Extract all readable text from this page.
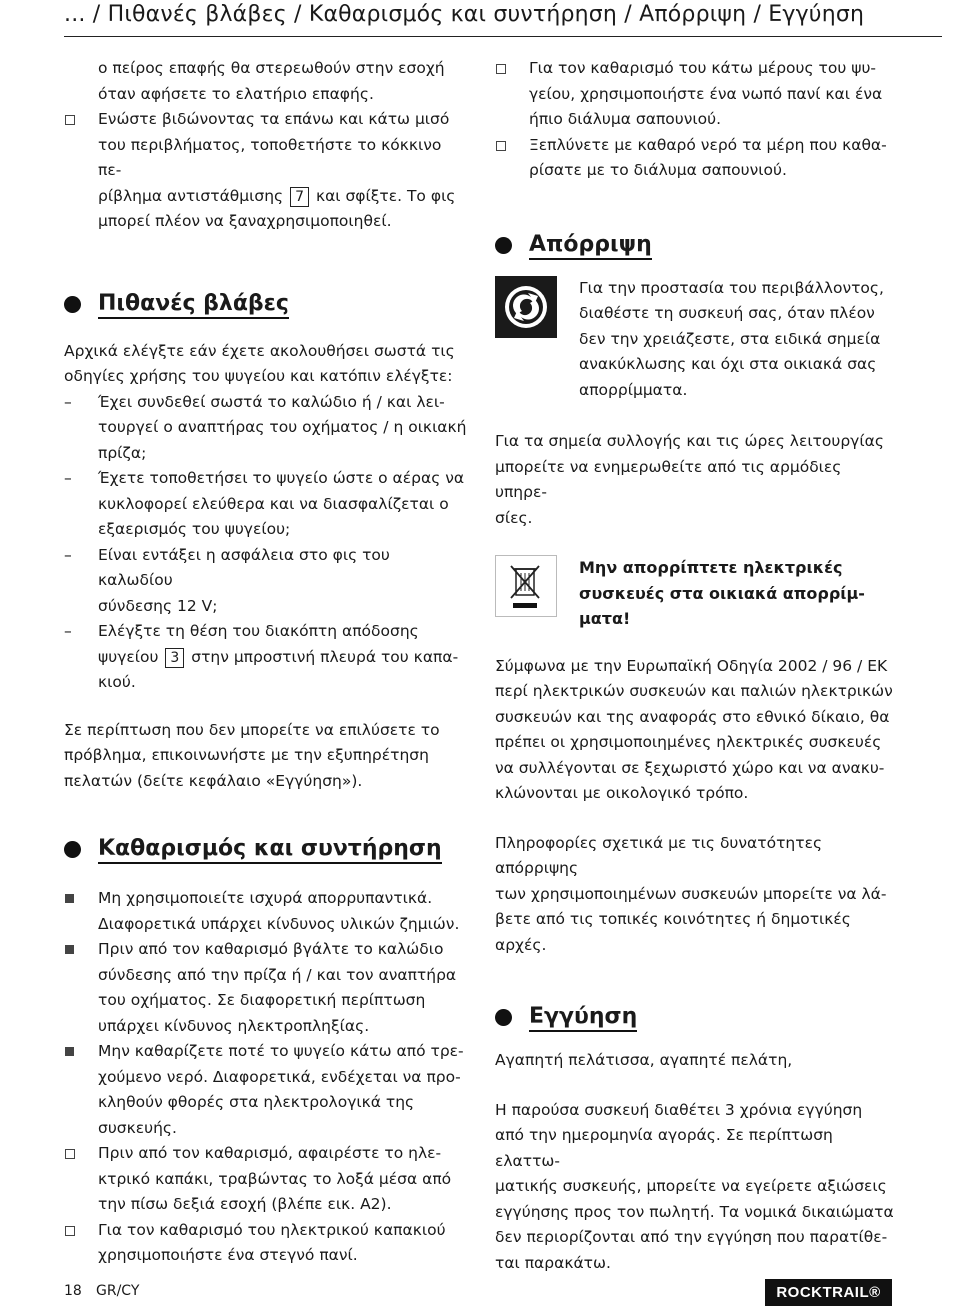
... / Πιθανές βλάβες / Καθαρισμός και συντήρηση / Απόρριψη / Εγγύηση
ο πείρος επαφής θα στερεωθούν στην εσοχή
όταν αφήσετε το ελατήριο επαφής.
Ενώστε βιδώνοντας τα επάνω και κάτω μισό
του περιβλήματος, τοποθετήστε το κόκκινο πε-
ρίβλημα αντιστάθμισης 7 και σφίξτε. Το φις
μπορεί πλέον να ξαναχρησιμοποιηθεί.
Πιθανές βλάβες
Αρχικά ελέγξτε εάν έχετε ακολουθήσει σωστά τις
οδηγίες χρήσης του ψυγείου και κατόπιν ελέγξτε:
Έχει συνδεθεί σωστά το καλώδιο ή / και λει-
τουργεί ο αναπτήρας του οχήματος / η οικιακή
πρίζα;
Έχετε τοποθετήσει το ψυγείο ώστε ο αέρας να
κυκλοφορεί ελεύθερα και να διασφαλίζεται ο
εξαερισμός του ψυγείου;
Είναι εντάξει η ασφάλεια στο φις του καλωδίου
σύνδεσης 12 V;
Ελέγξτε τη θέση του διακόπτη απόδοσης
ψυγείου 3 στην μπροστινή πλευρά του καπα-
κιού.
Σε περίπτωση που δεν μπορείτε να επιλύσετε το
πρόβλημα, επικοινωνήστε με την εξυπηρέτηση
πελατών (δείτε κεφάλαιο «Εγγύηση»).
Καθαρισμός και συντήρηση
Μη χρησιμοποιείτε ισχυρά απορρυπαντικά.
Διαφορετικά υπάρχει κίνδυνος υλικών ζημιών.
Πριν από τον καθαρισμό βγάλτε το καλώδιο
σύνδεσης από την πρίζα ή / και τον αναπτήρα
του οχήματος. Σε διαφορετική περίπτωση
υπάρχει κίνδυνος ηλεκτροπληξίας.
Μην καθαρίζετε ποτέ το ψυγείο κάτω από τρε-
χούμενο νερό. Διαφορετικά, ενδέχεται να προ-
κληθούν φθορές στα ηλεκτρολογικά της
συσκευής.
Πριν από τον καθαρισμό, αφαιρέστε το ηλε-
κτρικό καπάκι, τραβώντας το λοξά μέσα από
την πίσω δεξιά εσοχή (βλέπε εικ. A2).
Για τον καθαρισμό του ηλεκτρικού καπακιού
χρησιμοποιήστε ένα στεγνό πανί.
Για τον καθαρισμό του κάτω μέρους του ψυ-
γείου, χρησιμοποιήστε ένα νωπό πανί και ένα
ήπιο διάλυμα σαπουνιού.
Ξεπλύνετε με καθαρό νερό τα μέρη που καθα-
ρίσατε με το διάλυμα σαπουνιού.
Απόρριψη
Για την προστασία του περιβάλλοντος,
διαθέστε τη συσκευή σας, όταν πλέον
δεν την χρειάζεστε, στα ειδικά σημεία
ανακύκλωσης και όχι στα οικιακά σας
απορρίμματα.
Για τα σημεία συλλογής και τις ώρες λειτουργίας
μπορείτε να ενημερωθείτε από τις αρμόδιες υπηρε-
σίες.
Μην απορρίπτετε ηλεκτρικές
συσκευές στα οικιακά απορρίμ-
ματα!
Σύμφωνα με την Ευρωπαϊκή Οδηγία 2002 / 96 / EK
περί ηλεκτρικών συσκευών και παλιών ηλεκτρικών
συσκευών και της αναφοράς στο εθνικό δίκαιο, θα
πρέπει οι χρησιμοποιημένες ηλεκτρικές συσκευές
να συλλέγονται σε ξεχωριστό χώρο και να ανακυ-
κλώνονται με οικολογικό τρόπο.
Πληροφορίες σχετικά με τις δυνατότητες απόρριψης
των χρησιμοποιημένων συσκευών μπορείτε να λά-
βετε από τις τοπικές κοινότητες ή δημοτικές αρχές.
Εγγύηση
Αγαπητή πελάτισσα, αγαπητέ πελάτη,
Η παρούσα συσκευή διαθέτει 3 χρόνια εγγύηση
από την ημερομηνία αγοράς. Σε περίπτωση ελαττω-
ματικής συσκευής, μπορείτε να εγείρετε αξιώσεις
εγγύησης προς τον πωλητή. Τα νομικά δικαιώματα
δεν περιορίζονται από την εγγύηση που παρατίθε-
ται παρακάτω.
18 GR/CY	ROCKTRAIL®
